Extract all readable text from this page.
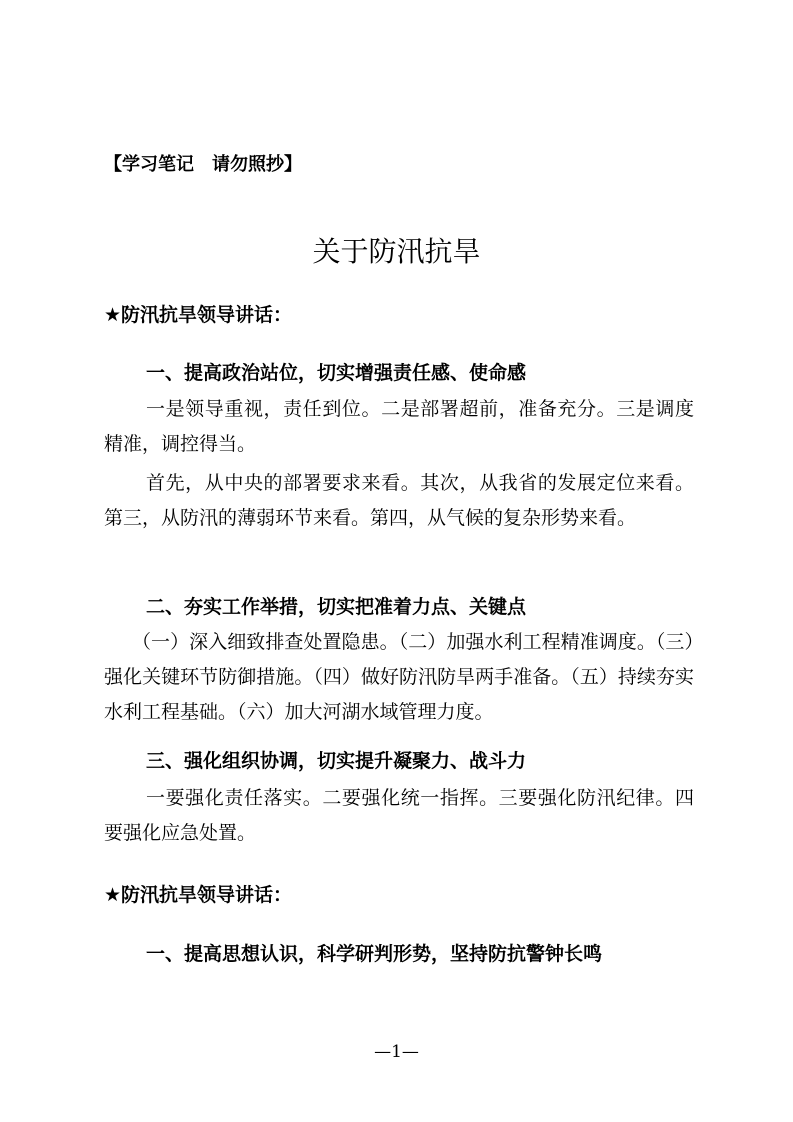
【学习笔记　请勿照抄】
关于防汛抗旱
★防汛抗旱领导讲话：
一、提高政治站位，切实增强责任感、使命感
一是领导重视，责任到位。二是部署超前，准备充分。三是调度精准，调控得当。
首先，从中央的部署要求来看。其次，从我省的发展定位来看。第三，从防汛的薄弱环节来看。第四，从气候的复杂形势来看。
二、夯实工作举措，切实把准着力点、关键点
（一）深入细致排查处置隐患。（二）加强水利工程精准调度。（三）强化关键环节防御措施。（四）做好防汛防旱两手准备。（五）持续夯实水利工程基础。（六）加大河湖水域管理力度。
三、强化组织协调，切实提升凝聚力、战斗力
一要强化责任落实。二要强化统一指挥。三要强化防汛纪律。四要强化应急处置。
★防汛抗旱领导讲话：
一、提高思想认识，科学研判形势，坚持防抗警钟长鸣
—1—
